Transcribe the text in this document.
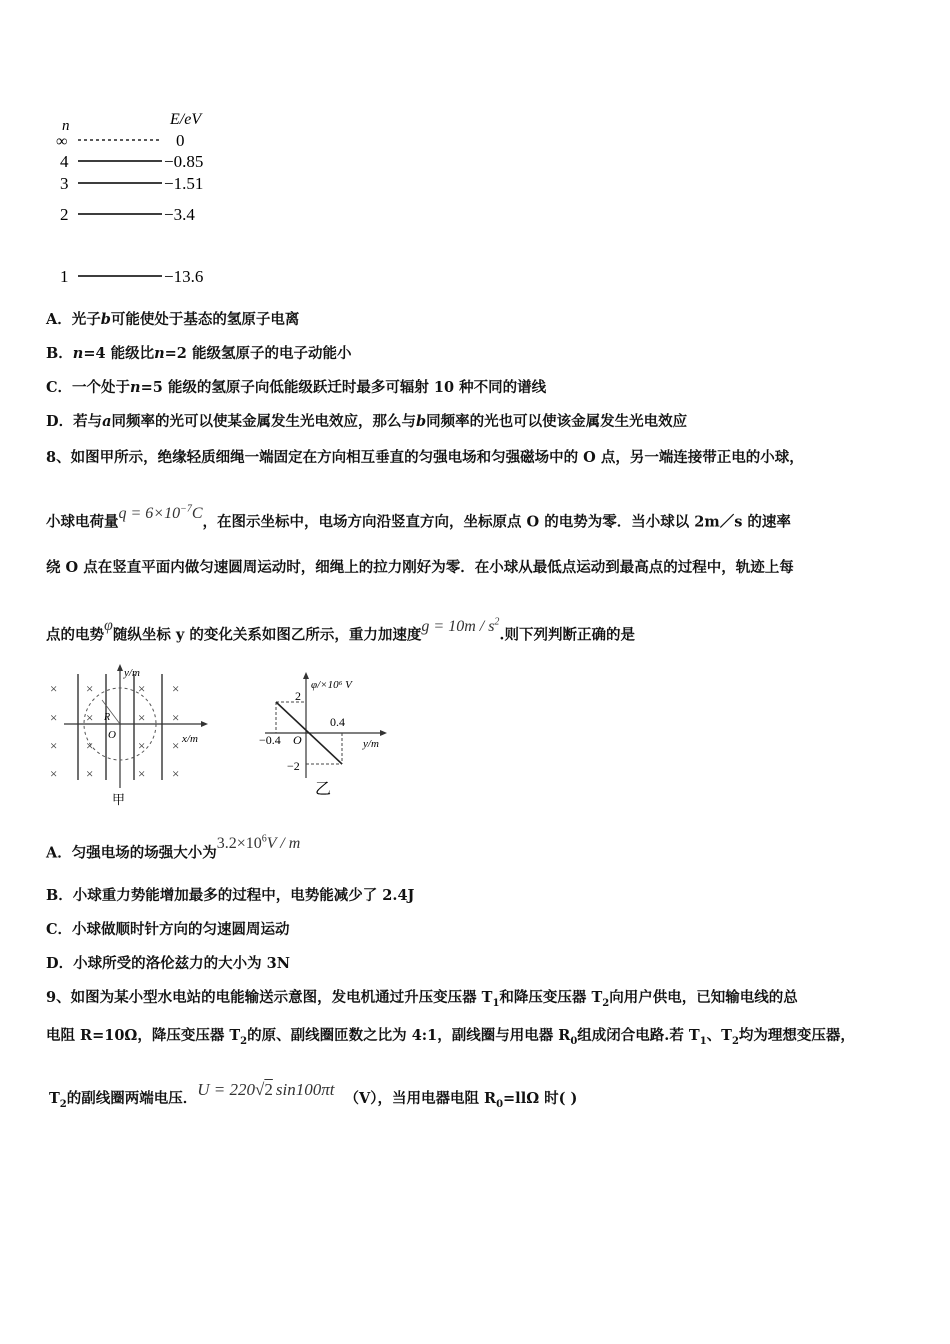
n	E/eV
∞	0
4	−0.85
3	−1.51
2	−3.4
1	−13.6
A．光子b可能使处于基态的氢原子电离
B．n=4 能级比n=2 能级氢原子的电子动能小
C．一个处于n=5 能级的氢原子向低能级跃迁时最多可辐射 10 种不同的谱线
D．若与a同频率的光可以使某金属发生光电效应，那么与b同频率的光也可以使该金属发生光电效应
8、如图甲所示，绝缘轻质细绳一端固定在方向相互垂直的匀强电场和匀强磁场中的 O 点，另一端连接带正电的小球，
小球电荷量$q = 6\times 10^{-7}C$，在图示坐标中，电场方向沿竖直方向，坐标原点 O 的电势为零．当小球以 2m／s 的速率
绕 O 点在竖直平面内做匀速圆周运动时，细绳上的拉力刚好为零．在小球从最低点运动到最高点的过程中，轨迹上每
点的电势φ随纵坐标 y 的变化关系如图乙所示，重力加速度$g = 10m / s^2$.则下列判断正确的是
R
O
y/m
x/m
× ×	× ×
× ×	× ×
× ×	× ×
× ×	× ×
甲
φ/×10⁶ V
y/m
2
−2
0.4
−0.4 O
乙
A．匀强电场的场强大小为$3.2\times 10^6V / m$
B．小球重力势能增加最多的过程中，电势能减少了 2.4J
C．小球做顺时针方向的匀速圆周运动
D．小球所受的洛伦兹力的大小为 3N
9、如图为某小型水电站的电能输送示意图，发电机通过升压变压器 $T_1$和降压变压器 $T_2$向用户供电，已知输电线的总
电阻 R=10Ω，降压变压器 $T_2$的原、副线圈匝数之比为 4:1，副线圈与用电器 $R_0$组成闭合电路.若 $T_1$、$T_2$均为理想变压器，
$T_2$的副线圈两端电压．U = 220√2 sin100πt （V），当用电器电阻 $R_0=ll\Omega$ 时( )
